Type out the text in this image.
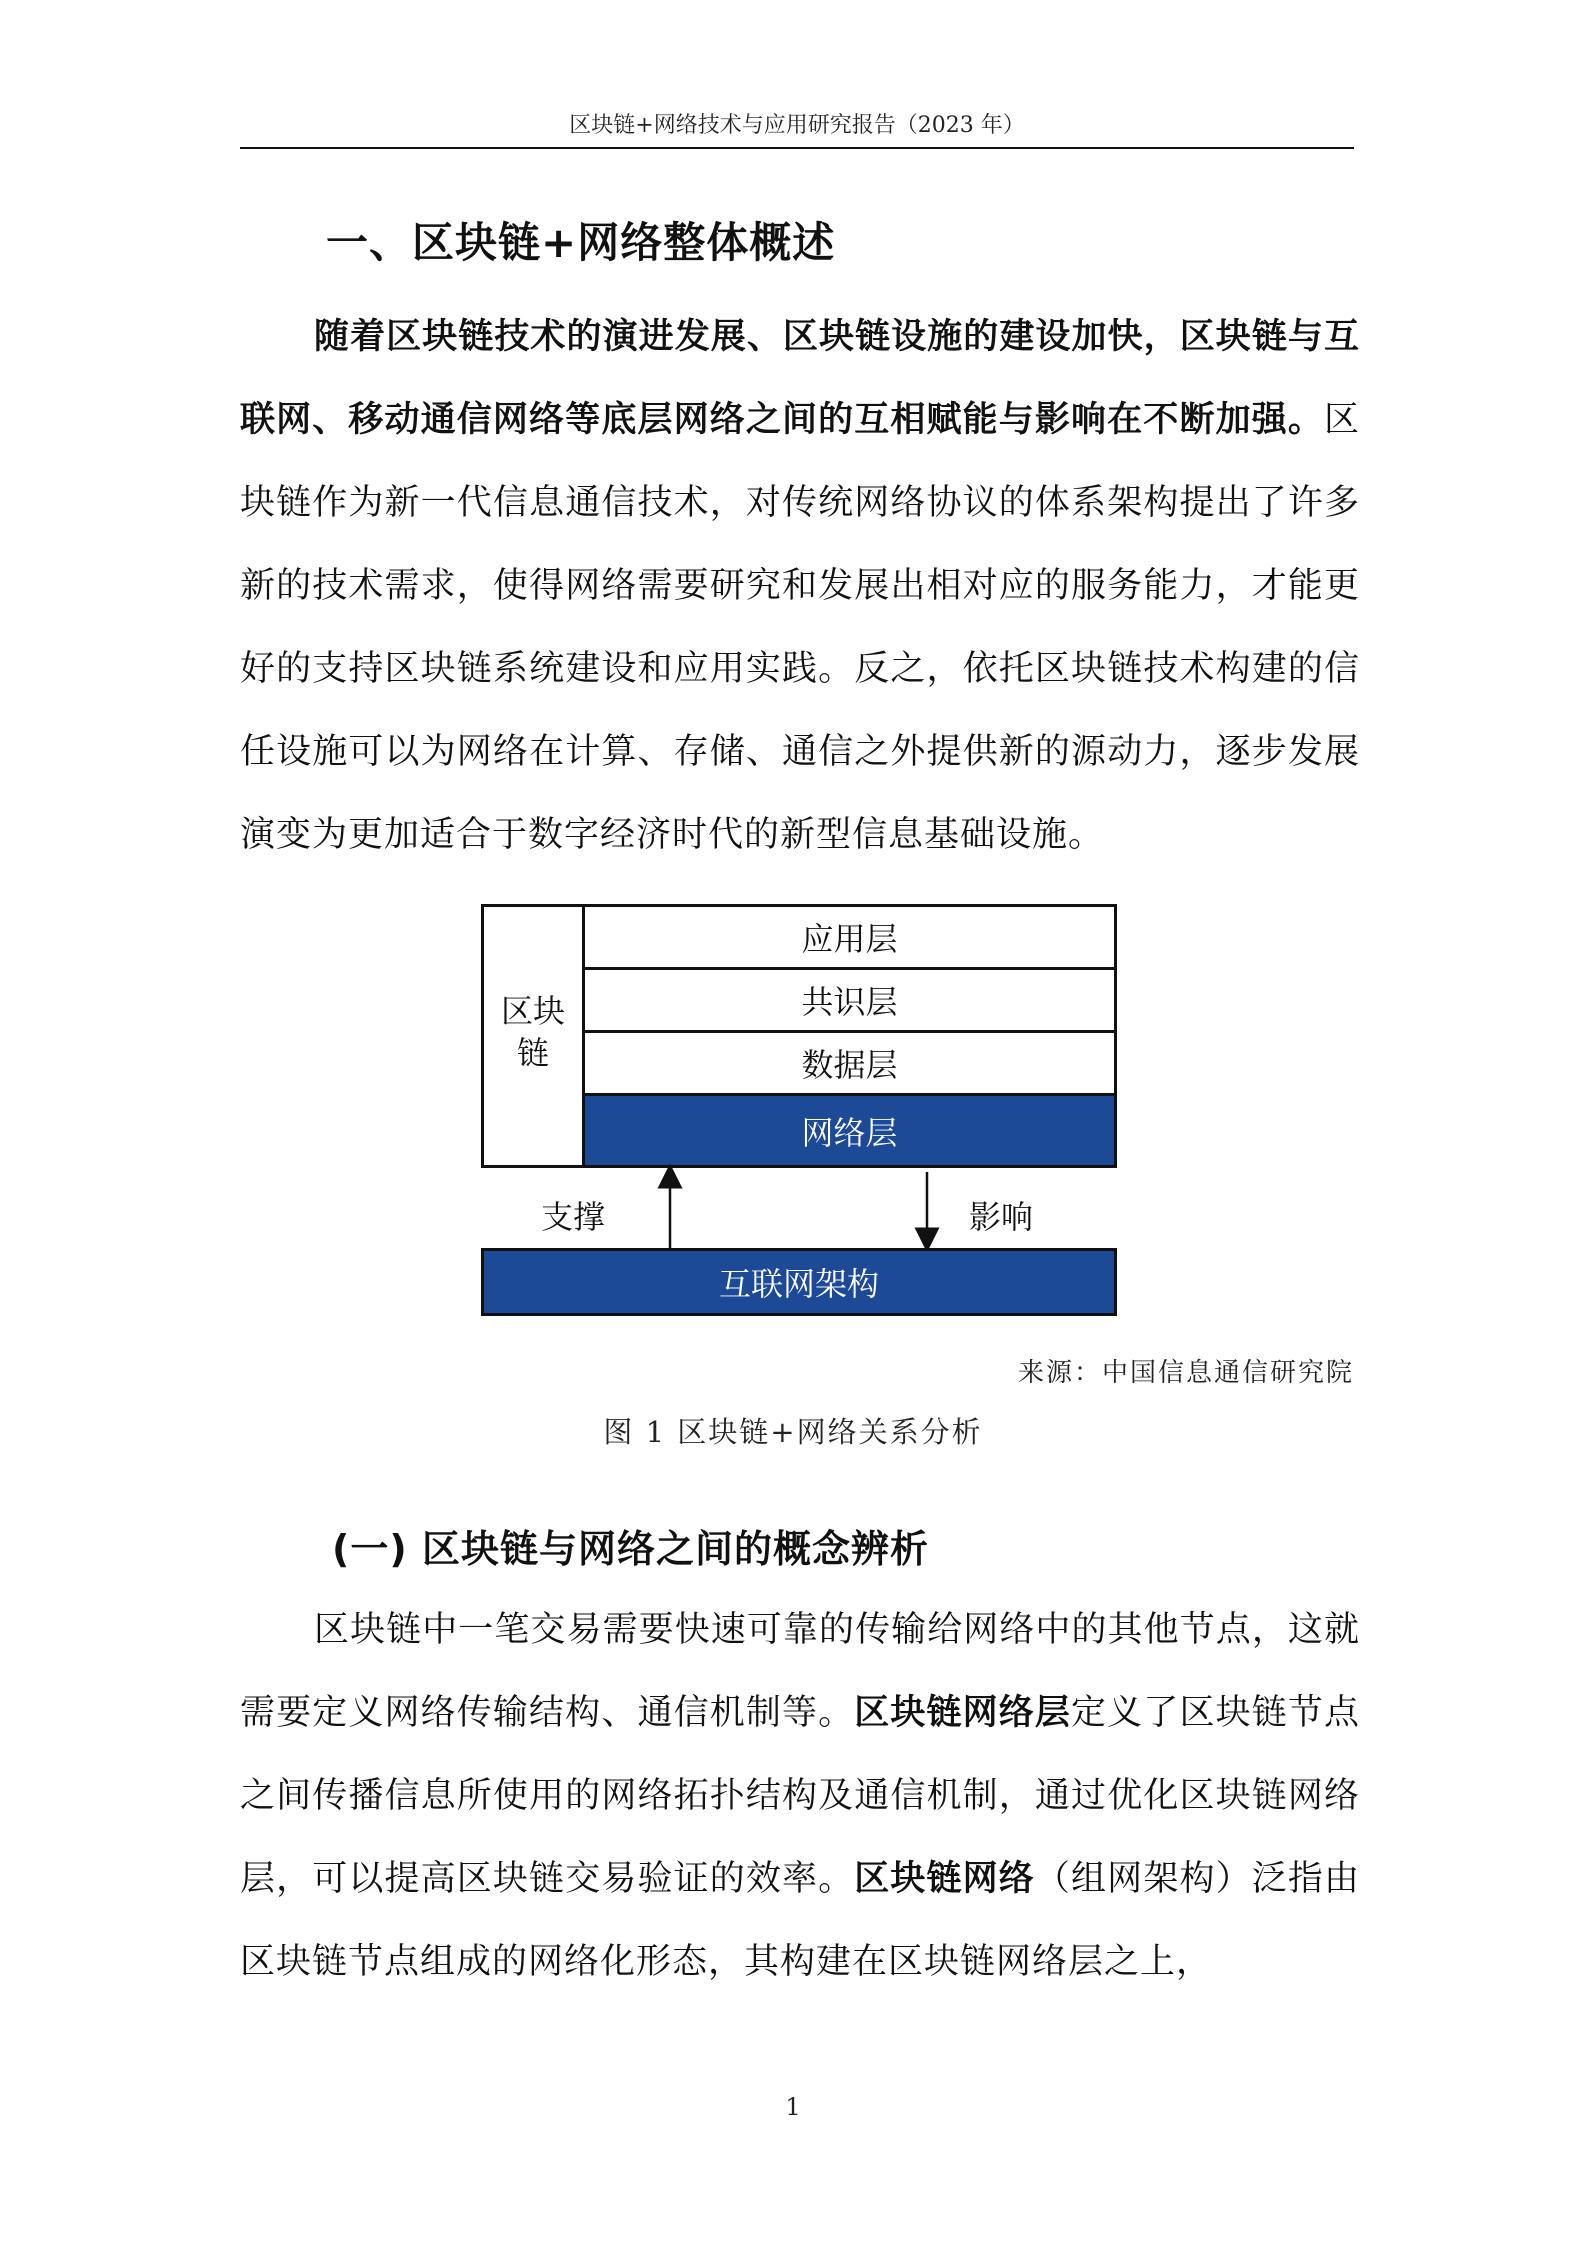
区块链+网络技术与应用研究报告（2023 年）
一、区块链+网络整体概述

随着区块链技术的演进发展、区块链设施的建设加快，区块链与互联网、移动通信网络等底层网络之间的互相赋能与影响在不断加强。区块链作为新一代信息通信技术，对传统网络协议的体系架构提出了许多新的技术需求，使得网络需要研究和发展出相对应的服务能力，才能更好的支持区块链系统建设和应用实践。反之，依托区块链技术构建的信任设施可以为网络在计算、存储、通信之外提供新的源动力，逐步发展演变为更加适合于数字经济时代的新型信息基础设施。

区块
链
应用层
共识层
数据层
网络层
支撑	影响
互联网架构
来源：中国信息通信研究院
图 1 区块链+网络关系分析
(一) 区块链与网络之间的概念辨析

区块链中一笔交易需要快速可靠的传输给网络中的其他节点，这就需要定义网络传输结构、通信机制等。区块链网络层定义了区块链节点之间传播信息所使用的网络拓扑结构及通信机制，通过优化区块链网络层，可以提高区块链交易验证的效率。区块链网络（组网架构）泛指由区块链节点组成的网络化形态，其构建在区块链网络层之上，

1
